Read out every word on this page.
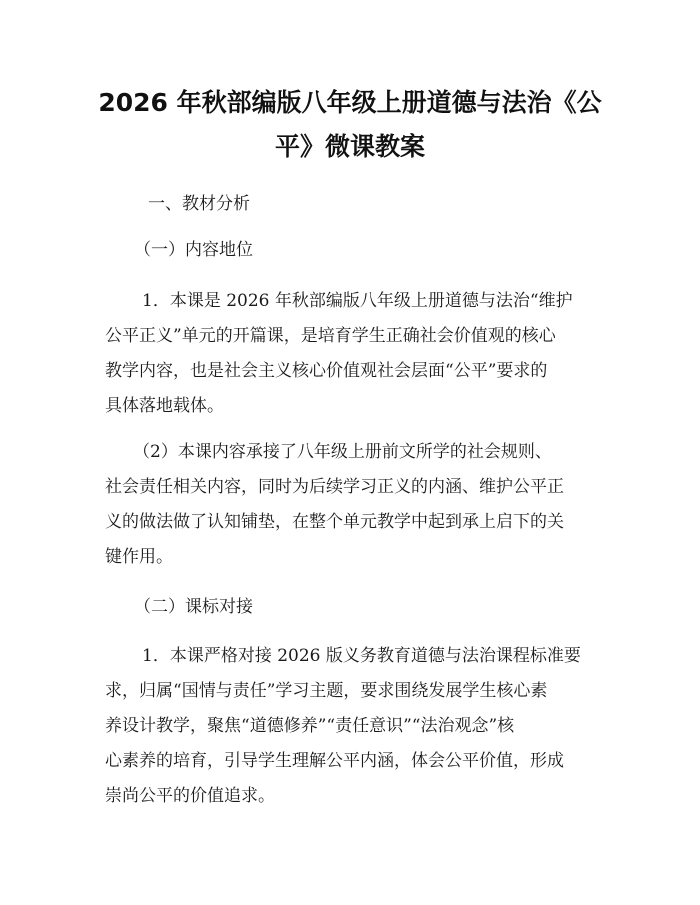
2026 年秋部编版八年级上册道德与法治《公
平》微课教案
一、教材分析
（一）内容地位
1．本课是 2026 年秋部编版八年级上册道德与法治“维护
公平正义”单元的开篇课，是培育学生正确社会价值观的核心
教学内容，也是社会主义核心价值观社会层面“公平”要求的
具体落地载体。
（2）本课内容承接了八年级上册前文所学的社会规则、
社会责任相关内容，同时为后续学习正义的内涵、维护公平正
义的做法做了认知铺垫，在整个单元教学中起到承上启下的关
键作用。
（二）课标对接
1．本课严格对接 2026 版义务教育道德与法治课程标准要
求，归属“国情与责任”学习主题，要求围绕发展学生核心素
养设计教学，聚焦“道德修养”“责任意识”“法治观念”核
心素养的培育，引导学生理解公平内涵，体会公平价值，形成
崇尚公平的价值追求。
